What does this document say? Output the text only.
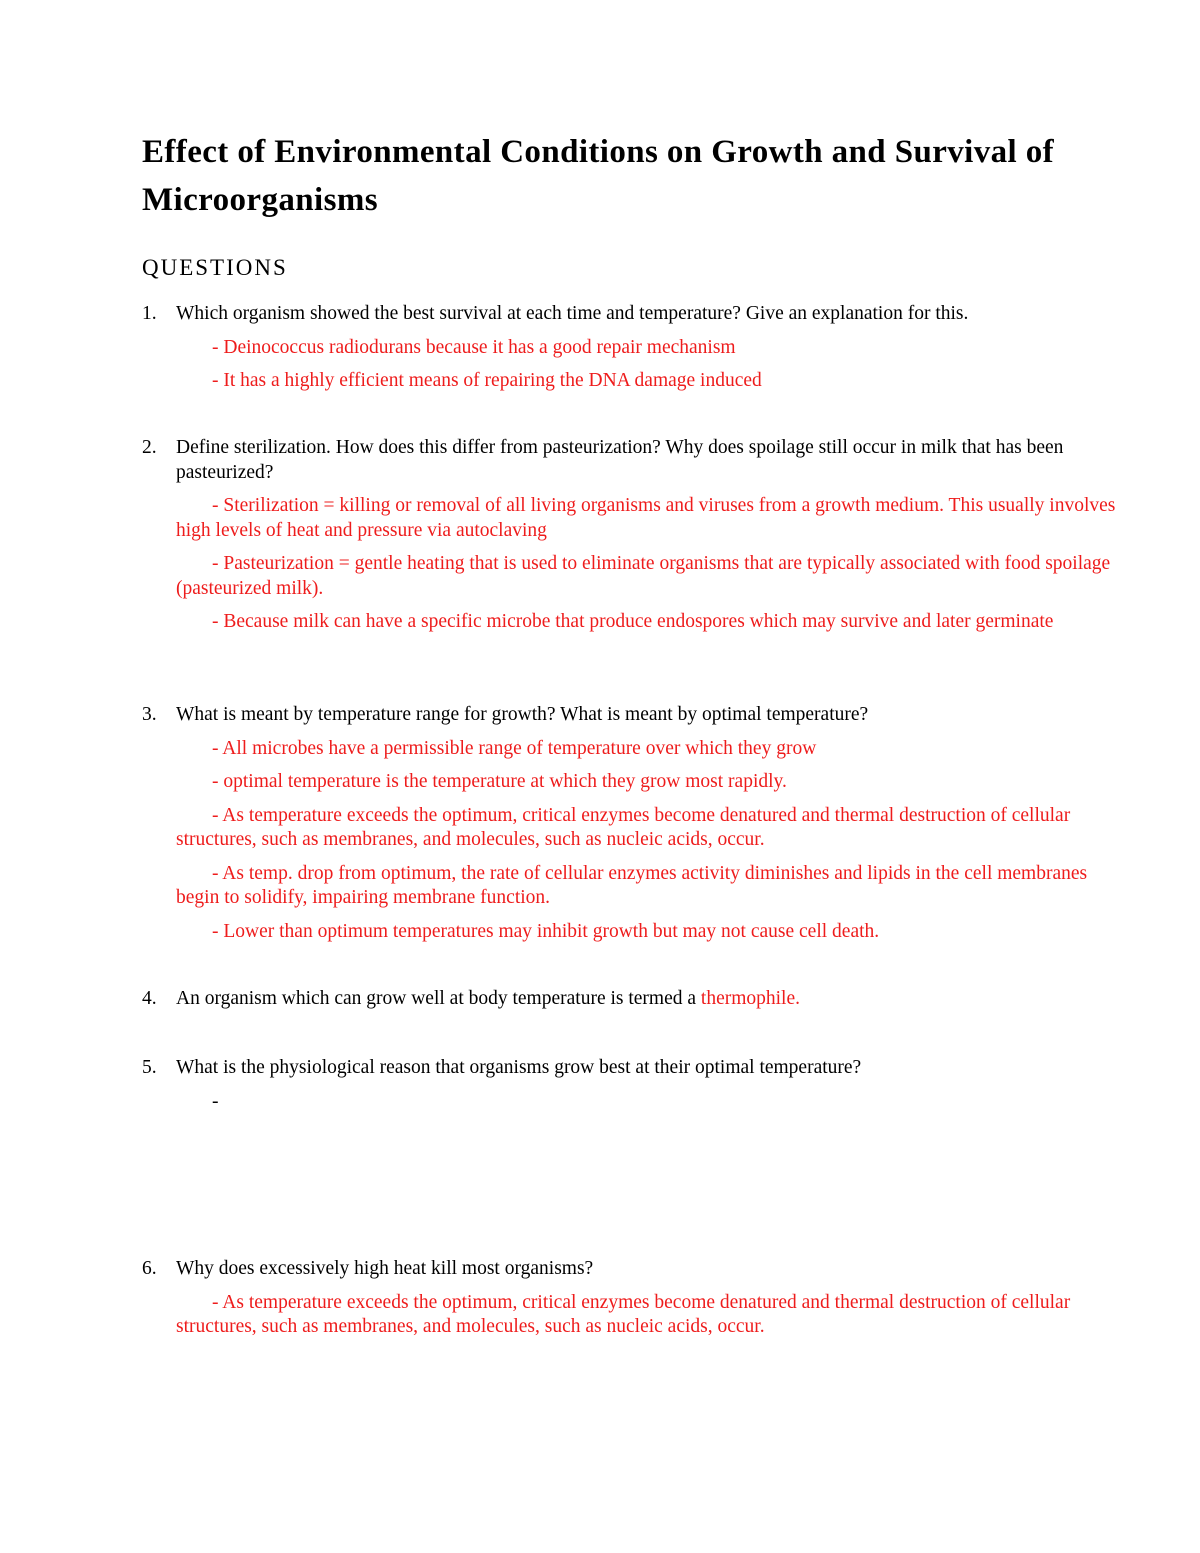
Effect of Environmental Conditions on Growth and Survival of Microorganisms
QUESTIONS
1. Which organism showed the best survival at each time and temperature? Give an explanation for this.
- Deinococcus radiodurans because it has a good repair mechanism
- It has a highly efficient means of repairing the DNA damage induced
2. Define sterilization. How does this differ from pasteurization? Why does spoilage still occur in milk that has been pasteurized?
- Sterilization = killing or removal of all living organisms and viruses from a growth medium. This usually involves high levels of heat and pressure via autoclaving
- Pasteurization = gentle heating that is used to eliminate organisms that are typically associated with food spoilage (pasteurized milk).
- Because milk can have a specific microbe that produce endospores which may survive and later germinate
3. What is meant by temperature range for growth? What is meant by optimal temperature?
- All microbes have a permissible range of temperature over which they grow
- optimal temperature is the temperature at which they grow most rapidly.
- As temperature exceeds the optimum, critical enzymes become denatured and thermal destruction of cellular structures, such as membranes, and molecules, such as nucleic acids, occur.
- As temp. drop from optimum, the rate of cellular enzymes activity diminishes and lipids in the cell membranes begin to solidify, impairing membrane function.
- Lower than optimum temperatures may inhibit growth but may not cause cell death.
4. An organism which can grow well at body temperature is termed a thermophile.
5. What is the physiological reason that organisms grow best at their optimal temperature?
-
6. Why does excessively high heat kill most organisms?
- As temperature exceeds the optimum, critical enzymes become denatured and thermal destruction of cellular structures, such as membranes, and molecules, such as nucleic acids, occur.
